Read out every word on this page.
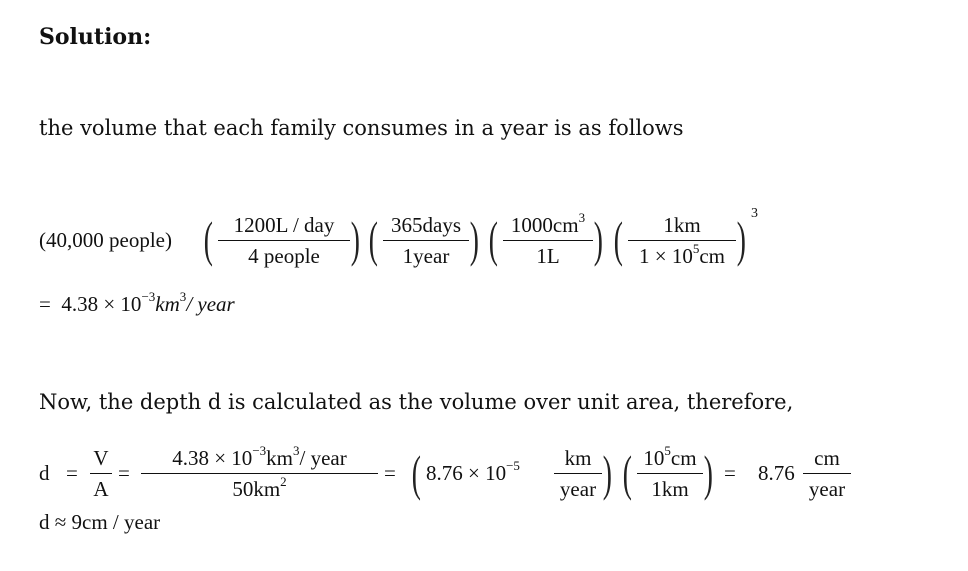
Solution:
the volume that each family consumes in a year is as follows
(40,000 people) ( 1200L / day
4 people ) ( 365days
1year ) ( $1000cm^3$
1L ) (	1km
$1 \times 10^5cm$ ) 3
= $4.38 \times 10^{-3}km^3/$ year
Now, the depth d is calculated as the volume over unit area, therefore,
d =
V
A
=
$4.38 \times 10^{-3}km^3/$ year
$50km^2$	= ( $8.76 \times 10^{-5}$	km
year ) ( $10^5cm$
1km ) = 8.76
cm
year
d ≈ 9cm / year
